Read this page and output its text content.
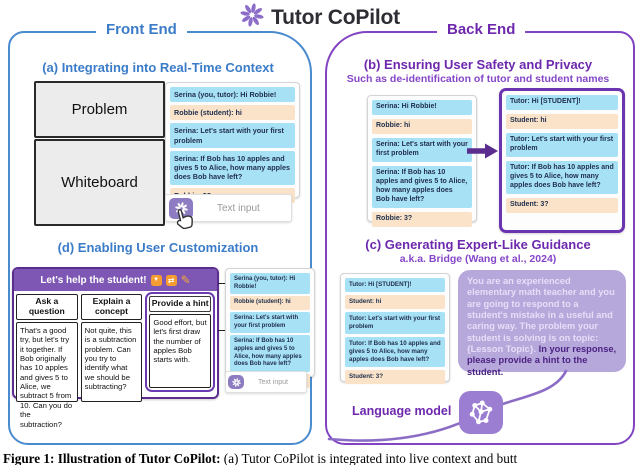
Tutor CoPilot
Front End	Back End
(a) Integrating into Real-Time Context
Problem
Whiteboard
Serina (you, tutor): Hi Robbie!
Robbie (student): hi
Serina: Let's start with your first problem
Serina: If Bob has 10 apples and gives 5 to Alice, how many apples does Bob have left?
Text input
(d) Enabling User Customization
Let's help the student!	▼	⇄ ✎
Ask a question
That's a good try, but let's try it together. If Bob originally has 10 apples and gives 5 to Alice, we subtract 5 from 10. Can you do the subtraction?
Explain a concept
Not quite, this is a subtraction problem. Can you try to identify what we should be subtracting?
Provide a hint
Good effort, but let's first draw the number of apples Bob starts with.
Serina (you, tutor): Hi Robbie!
Robbie (student): hi
Serina: Let's start with your first problem
Serina: If Bob has 10 apples and gives 5 to Alice, how many apples does Bob have left?
Text input
(b) Ensuring User Safety and Privacy
Such as de-identification of tutor and student names
Serina: Hi Robbie!
Robbie: hi
Serina: Let's start with your first problem
Serina: If Bob has 10 apples and gives 5 to Alice, how many apples does Bob have left?
Robbie: 3?
Tutor: Hi [STUDENT]!
Student: hi
Tutor: Let's start with your first problem
Tutor: If Bob has 10 apples and gives 5 to Alice, how many apples does Bob have left?
Student: 3?
(c) Generating Expert-Like Guidance
a.k.a. Bridge (Wang et al., 2024)
Tutor: Hi [STUDENT]!
Student: hi
Tutor: Let's start with your first problem
Tutor: If Bob has 10 apples and gives 5 to Alice, how many apples does Bob have left?
Student: 3?
You are an experienced elementary math teacher and you are going to respond to a student's mistake in a useful and caring way. The problem your student is solving is on topic: {Lesson Topic}. In your response, please provide a hint to the student.
Language model
Figure 1: Illustration of Tutor CoPilot: (a) Tutor CoPilot is integrated into live context and butt
